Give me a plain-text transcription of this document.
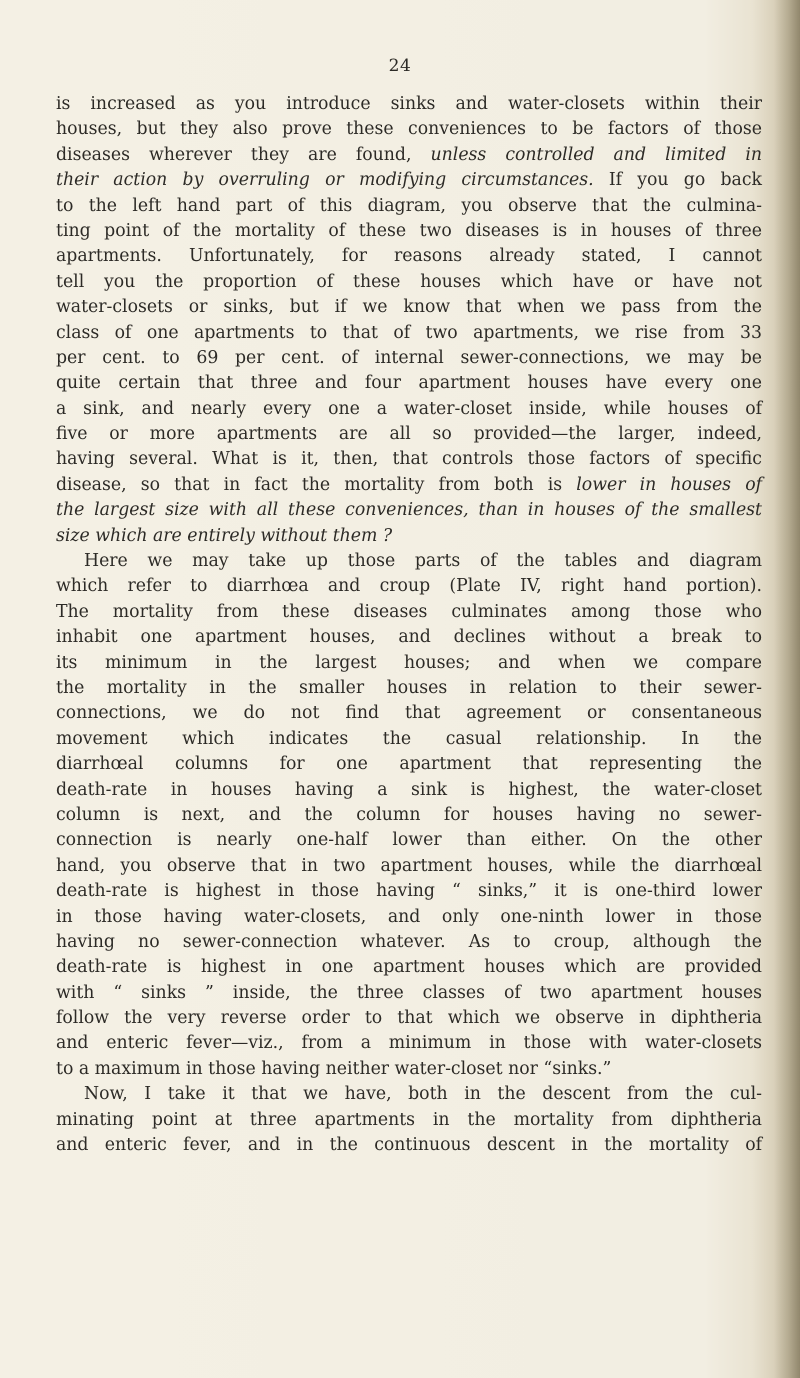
24
is increased as you introduce sinks and water-closets within their
houses, but they also prove these conveniences to be factors of those
diseases wherever they are found, unless controlled and limited in
their action by overruling or modifying circumstances. If you go back
to the left hand part of this diagram, you observe that the culmina-
ting point of the mortality of these two diseases is in houses of three
apartments. Unfortunately, for reasons already stated, I cannot
tell you the proportion of these houses which have or have not
water-closets or sinks, but if we know that when we pass from the
class of one apartments to that of two apartments, we rise from 33
per cent. to 69 per cent. of internal sewer-connections, we may be
quite certain that three and four apartment houses have every one
a sink, and nearly every one a water-closet inside, while houses of
five or more apartments are all so provided—the larger, indeed,
having several. What is it, then, that controls those factors of specific
disease, so that in fact the mortality from both is lower in houses of
the largest size with all these conveniences, than in houses of the smallest
size which are entirely without them ?
Here we may take up those parts of the tables and diagram
which refer to diarrhœa and croup (Plate IV, right hand portion).
The mortality from these diseases culminates among those who
inhabit one apartment houses, and declines without a break to
its minimum in the largest houses; and when we compare
the mortality in the smaller houses in relation to their sewer-
connections, we do not find that agreement or consentaneous
movement which indicates the casual relationship. In the
diarrhœal columns for one apartment that representing the
death-rate in houses having a sink is highest, the water-closet
column is next, and the column for houses having no sewer-
connection is nearly one-half lower than either. On the other
hand, you observe that in two apartment houses, while the diarrhœal
death-rate is highest in those having “ sinks,” it is one-third lower
in those having water-closets, and only one-ninth lower in those
having no sewer-connection whatever. As to croup, although the
death-rate is highest in one apartment houses which are provided
with “ sinks ” inside, the three classes of two apartment houses
follow the very reverse order to that which we observe in diphtheria
and enteric fever—viz., from a minimum in those with water-closets
to a maximum in those having neither water-closet nor “sinks.”
Now, I take it that we have, both in the descent from the cul-
minating point at three apartments in the mortality from diphtheria
and enteric fever, and in the continuous descent in the mortality of
